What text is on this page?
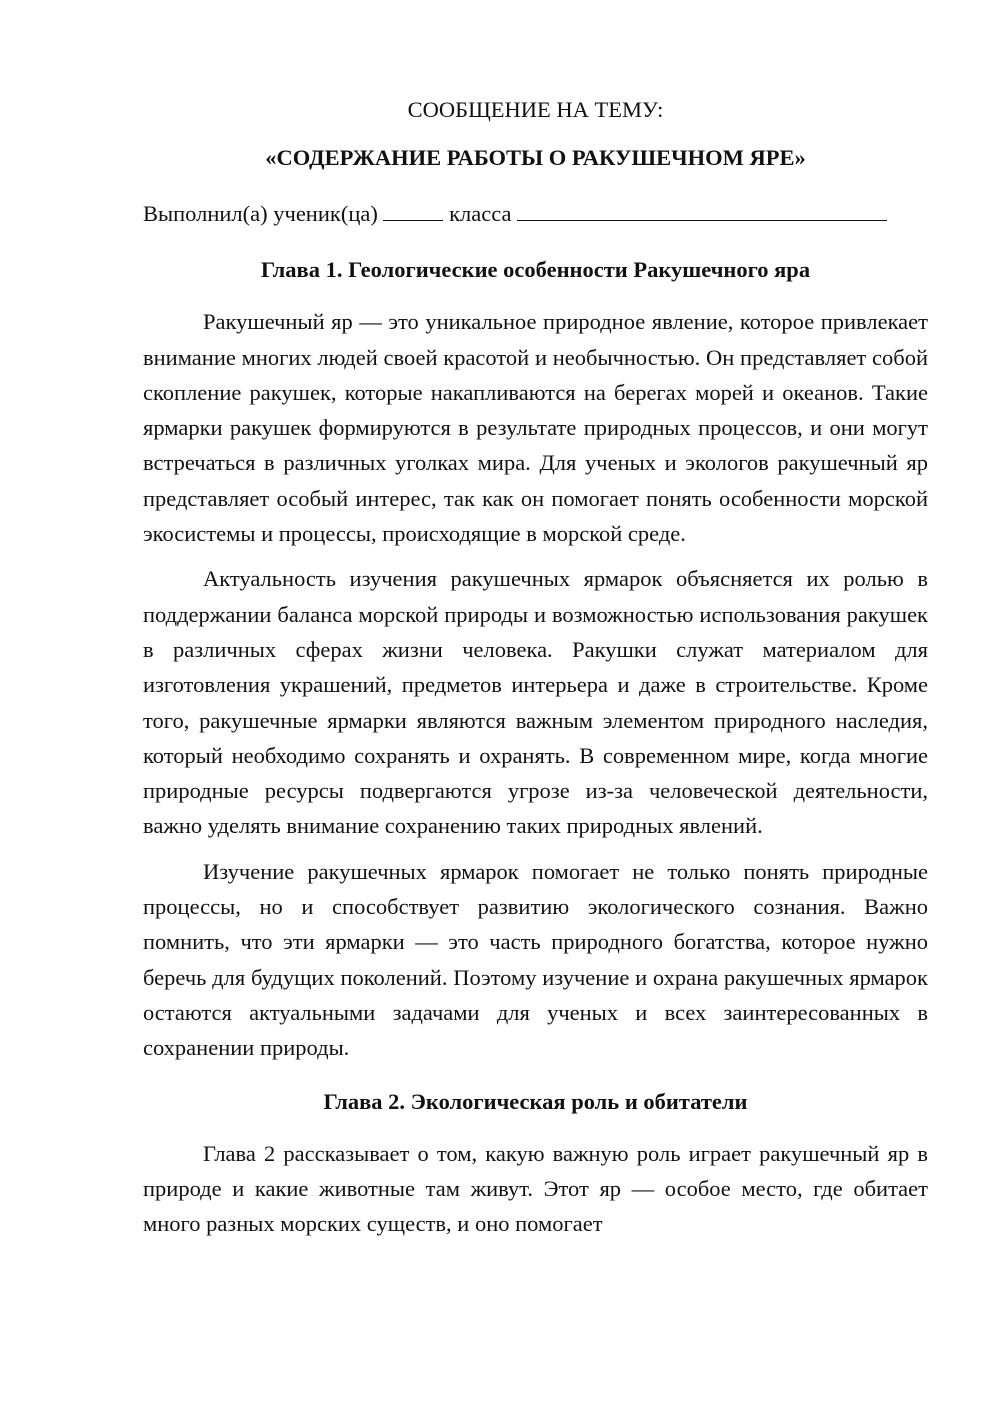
СООБЩЕНИЕ НА ТЕМУ:

«СОДЕРЖАНИЕ РАБОТЫ О РАКУШЕЧНОМ ЯРЕ»

Выполнил(а) ученик(ца)	класса

Глава 1. Геологические особенности Ракушечного яра

Ракушечный яр — это уникальное природное явление, которое привлекает внимание многих людей своей красотой и необычностью. Он представляет собой скопление ракушек, которые накапливаются на берегах морей и океанов. Такие ярмарки ракушек формируются в результате природных процессов, и они могут встречаться в различных уголках мира. Для ученых и экологов ракушечный яр представляет особый интерес, так как он помогает понять особенности морской экосистемы и процессы, происходящие в морской среде.

Актуальность изучения ракушечных ярмарок объясняется их ролью в поддержании баланса морской природы и возможностью использования ракушек в различных сферах жизни человека. Ракушки служат материалом для изготовления украшений, предметов интерьера и даже в строительстве. Кроме того, ракушечные ярмарки являются важным элементом природного наследия, который необходимо сохранять и охранять. В современном мире, когда многие природные ресурсы подвергаются угрозе из-за человеческой деятельности, важно уделять внимание сохранению таких природных явлений.

Изучение ракушечных ярмарок помогает не только понять природные процессы, но и способствует развитию экологического сознания. Важно помнить, что эти ярмарки — это часть природного богатства, которое нужно беречь для будущих поколений. Поэтому изучение и охрана ракушечных ярмарок остаются актуальными задачами для ученых и всех заинтересованных в сохранении природы.

Глава 2. Экологическая роль и обитатели

Глава 2 рассказывает о том, какую важную роль играет ракушечный яр в природе и какие животные там живут. Этот яр — особое место, где обитает много разных морских существ, и оно помогает
